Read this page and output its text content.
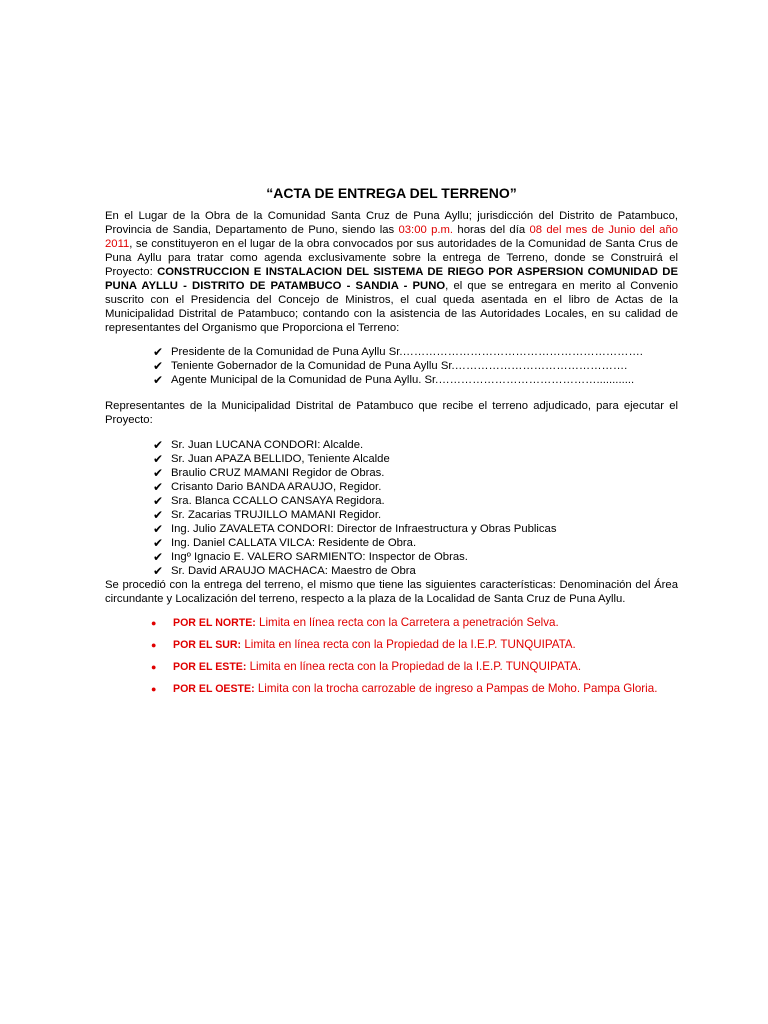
“ACTA DE ENTREGA DEL TERRENO”

En el Lugar de la Obra de la Comunidad Santa Cruz de Puna Ayllu; jurisdicción del Distrito de Patambuco, Provincia de Sandia, Departamento de Puno, siendo las 03:00 p.m. horas del día 08 del mes de Junio del año 2011, se constituyeron en el lugar de la obra convocados por sus autoridades de la Comunidad de Santa Crus de Puna Ayllu para tratar como agenda exclusivamente sobre la entrega de Terreno, donde se Construirá el Proyecto: CONSTRUCCION E INSTALACION DEL SISTEMA DE RIEGO POR ASPERSION COMUNIDAD DE PUNA AYLLU - DISTRITO DE PATAMBUCO - SANDIA - PUNO, el que se entregara en merito al Convenio suscrito con el Presidencia del Concejo de Ministros, el cual queda asentada en el libro de Actas de la Municipalidad Distrital de Patambuco; contando con la asistencia de las Autoridades Locales, en su calidad de representantes del Organismo que Proporciona el Terreno:

✔︎ Presidente de la Comunidad de Puna Ayllu Sr.……………………………………………………….
✔︎ Teniente Gobernador de la Comunidad de Puna Ayllu Sr.……………………………………….
✔︎ Agente Municipal de la Comunidad de Puna Ayllu. Sr.……………………………………............

Representantes de la Municipalidad Distrital de Patambuco que recibe el terreno adjudicado, para ejecutar el Proyecto:

✔︎ Sr. Juan LUCANA CONDORI: Alcalde.
✔︎ Sr. Juan APAZA BELLIDO, Teniente Alcalde
✔︎ Braulio CRUZ MAMANI Regidor de Obras.
✔︎ Crisanto Dario BANDA ARAUJO, Regidor.
✔︎ Sra. Blanca CCALLO CANSAYA Regidora.
✔︎ Sr. Zacarias TRUJILLO MAMANI Regidor.
✔︎ Ing. Julio ZAVALETA CONDORI: Director de Infraestructura y Obras Publicas
✔︎ Ing. Daniel CALLATA VILCA: Residente de Obra.
✔︎ Ingº Ignacio E. VALERO SARMIENTO: Inspector de Obras.
✔︎ Sr. David ARAUJO MACHACA: Maestro de Obra

Se procedió con la entrega del terreno, el mismo que tiene las siguientes características: Denominación del Área circundante y Localización del terreno, respecto a la plaza de la Localidad de Santa Cruz de Puna Ayllu.

● POR EL NORTE: Limita en línea recta con la Carretera a penetración Selva.
● POR EL SUR: Limita en línea recta con la Propiedad de la I.E.P. TUNQUIPATA.
● POR EL ESTE: Limita en línea recta con la Propiedad de la I.E.P. TUNQUIPATA.
● POR EL OESTE: Limita con la trocha carrozable de ingreso a Pampas de Moho. Pampa Gloria.
